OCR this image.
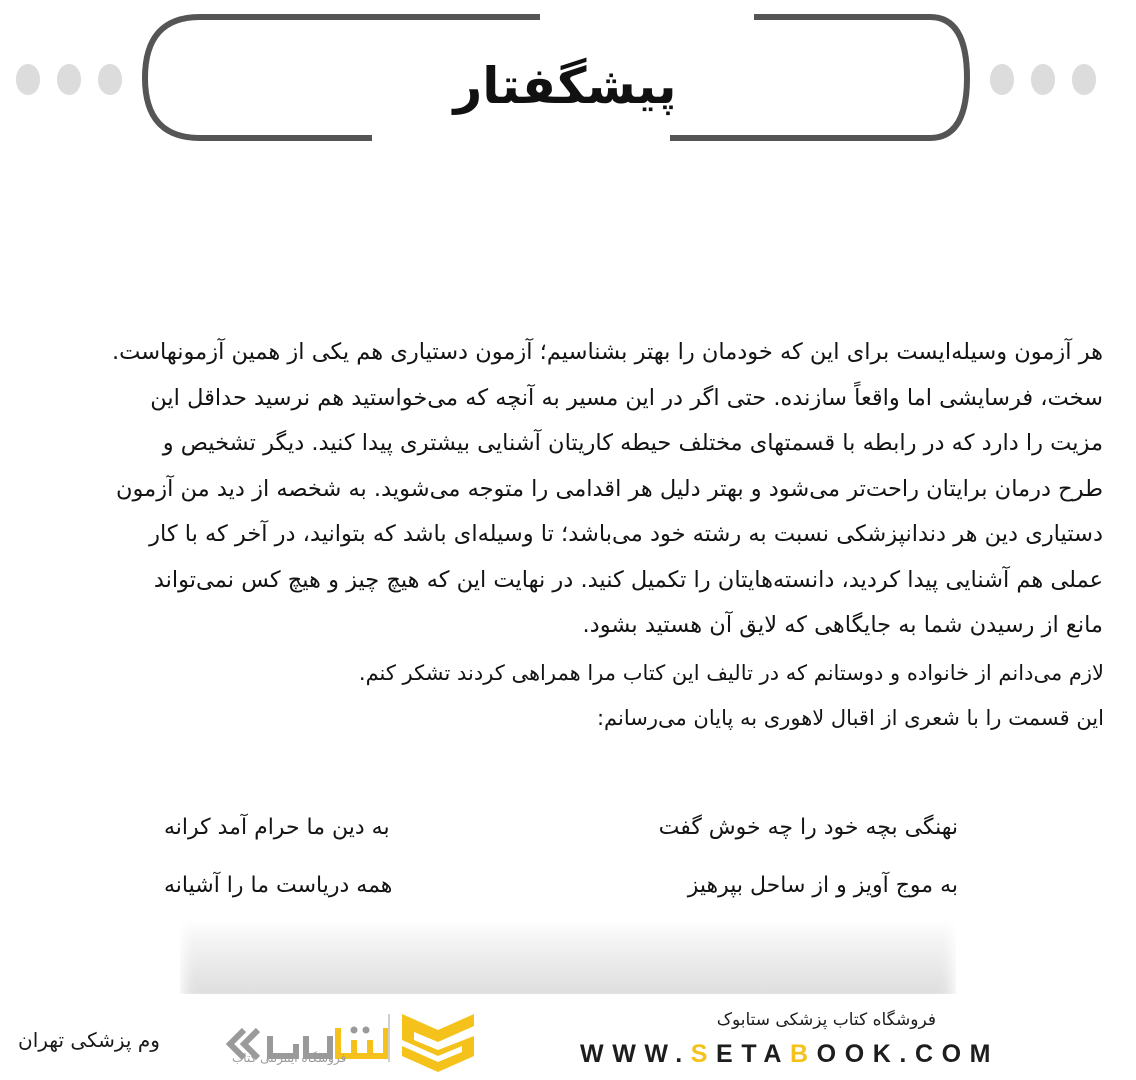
پیشگفتار
هر آزمون وسیله‌ایست برای این که خودمان را بهتر بشناسیم؛ آزمون دستیاری هم یکی از همین آزمونهاست.
سخت، فرسایشی اما واقعاً سازنده. حتی اگر در این مسیر به آنچه که می‌خواستید هم نرسید حداقل این
مزیت را دارد که در رابطه با قسمتهای مختلف حیطه کاریتان آشنایی بیشتری پیدا کنید. دیگر تشخیص و
طرح درمان برایتان راحت‌تر می‌شود و بهتر دلیل هر اقدامی را متوجه می‌شوید. به شخصه از دید من آزمون
دستیاری دین هر دندانپزشکی نسبت به رشته خود می‌باشد؛ تا وسیله‌ای باشد که بتوانید، در آخر که با کار
عملی هم آشنایی پیدا کردید، دانسته‌هایتان را تکمیل کنید. در نهایت این که هیچ چیز و هیچ کس نمی‌تواند
مانع از رسیدن شما به جایگاهی که لایق آن هستید بشود.
لازم می‌دانم از خانواده و دوستانم که در تالیف این کتاب مرا همراهی کردند تشکر کنم.
این قسمت را با شعری از اقبال لاهوری به پایان می‌رسانم:
نهنگی بچه خود را چه خوش گفت
به دین ما حرام آمد کرانه
به موج آویز و از ساحل بپرهیز
همه دریاست ما را آشیانه
وم پزشکی تهران
فروشگاه اینترنتی کتاب
فروشگاه کتاب پزشکی ستابوک
WWW.SETABOOK.COM
